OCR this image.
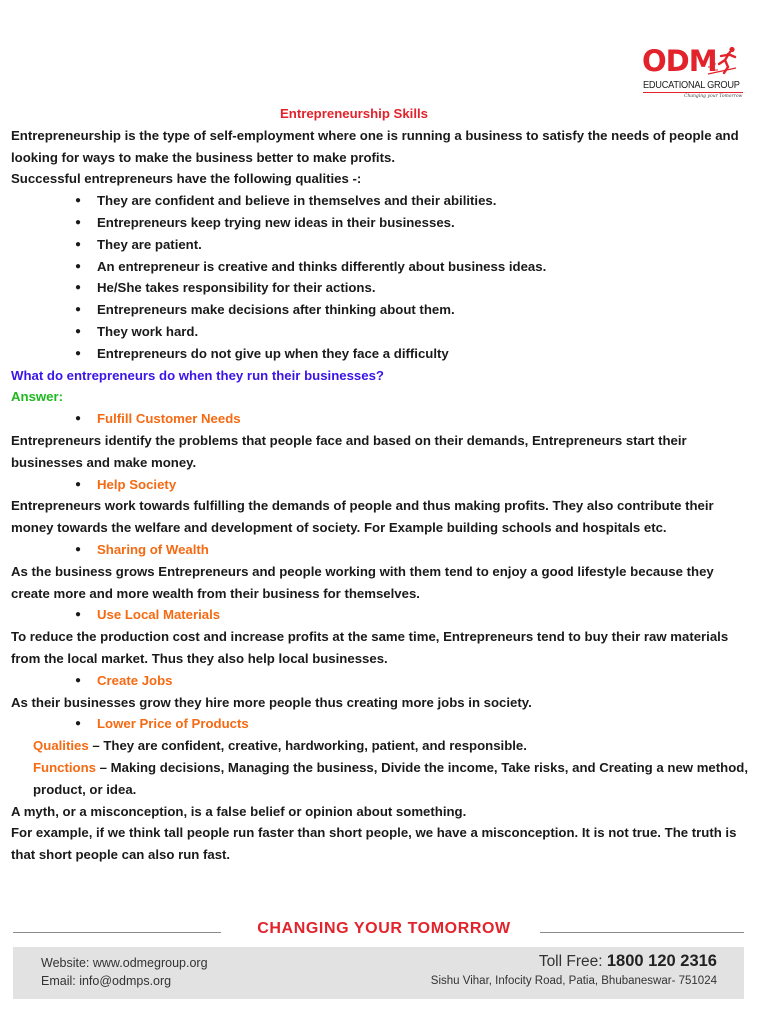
ODM
EDUCATIONAL GROUP
Changing your Tomorrow
Entrepreneurship Skills
Entrepreneurship is the type of self-employment where one is running a business to satisfy the needs of people and looking for ways to make the business better to make profits.
Successful entrepreneurs have the following qualities -:
● They are confident and believe in themselves and their abilities.
● Entrepreneurs keep trying new ideas in their businesses.
● They are patient.
● An entrepreneur is creative and thinks differently about business ideas.
● He/She takes responsibility for their actions.
● Entrepreneurs make decisions after thinking about them.
● They work hard.
● Entrepreneurs do not give up when they face a difficulty
What do entrepreneurs do when they run their businesses?
Answer:
● Fulfill Customer Needs
Entrepreneurs identify the problems that people face and based on their demands, Entrepreneurs start their businesses and make money.
● Help Society
Entrepreneurs work towards fulfilling the demands of people and thus making profits. They also contribute their money towards the welfare and development of society. For Example building schools and hospitals etc.
● Sharing of Wealth
As the business grows Entrepreneurs and people working with them tend to enjoy a good lifestyle because they create more and more wealth from their business for themselves.
● Use Local Materials
To reduce the production cost and increase profits at the same time, Entrepreneurs tend to buy their raw materials from the local market. Thus they also help local businesses.
● Create Jobs
As their businesses grow they hire more people thus creating more jobs in society.
● Lower Price of Products
Qualities – They are confident, creative, hardworking, patient, and responsible.
Functions – Making decisions, Managing the business, Divide the income, Take risks, and Creating a new method, product, or idea.
A myth, or a misconception, is a false belief or opinion about something.
For example, if we think tall people run faster than short people, we have a misconception. It is not true. The truth is that short people can also run fast.
CHANGING YOUR TOMORROW
Website: www.odmegroup.org
Email: info@odmps.org
Toll Free: 1800 120 2316
Sishu Vihar, Infocity Road, Patia, Bhubaneswar- 751024
